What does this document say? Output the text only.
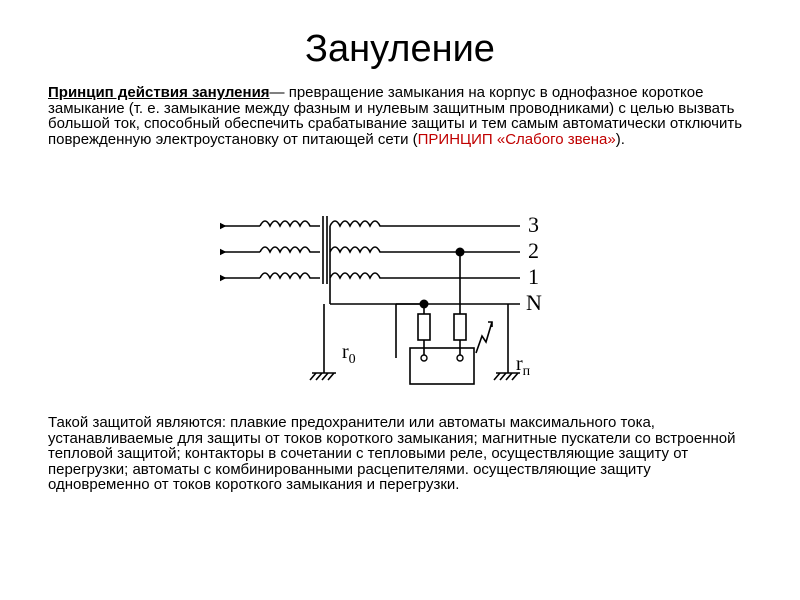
Зануление
Принцип действия зануления— превращение замыкания на корпус в однофазное короткое замыкание (т. е. замыкание между фазным и нулевым защитным проводниками) с целью вызвать большой ток, способный обеспечить срабатывание защиты и тем самым автоматически отключить поврежденную электроустановку от питающей сети (ПРИНЦИП «Слабого звена»).
3
2
1
N
$r_0$	$r_п$
Такой защитой являются: плавкие предохранители или автоматы максимального тока, устанавливаемые для защиты от токов короткого замыкания; магнитные пускатели со встроенной тепловой защитой; контакторы в сочетании с тепловыми реле, осуществляющие защиту от перегрузки; автоматы с комбинированными расцепителями. осуществляющие защиту одновременно от токов короткого замыкания и перегрузки.
